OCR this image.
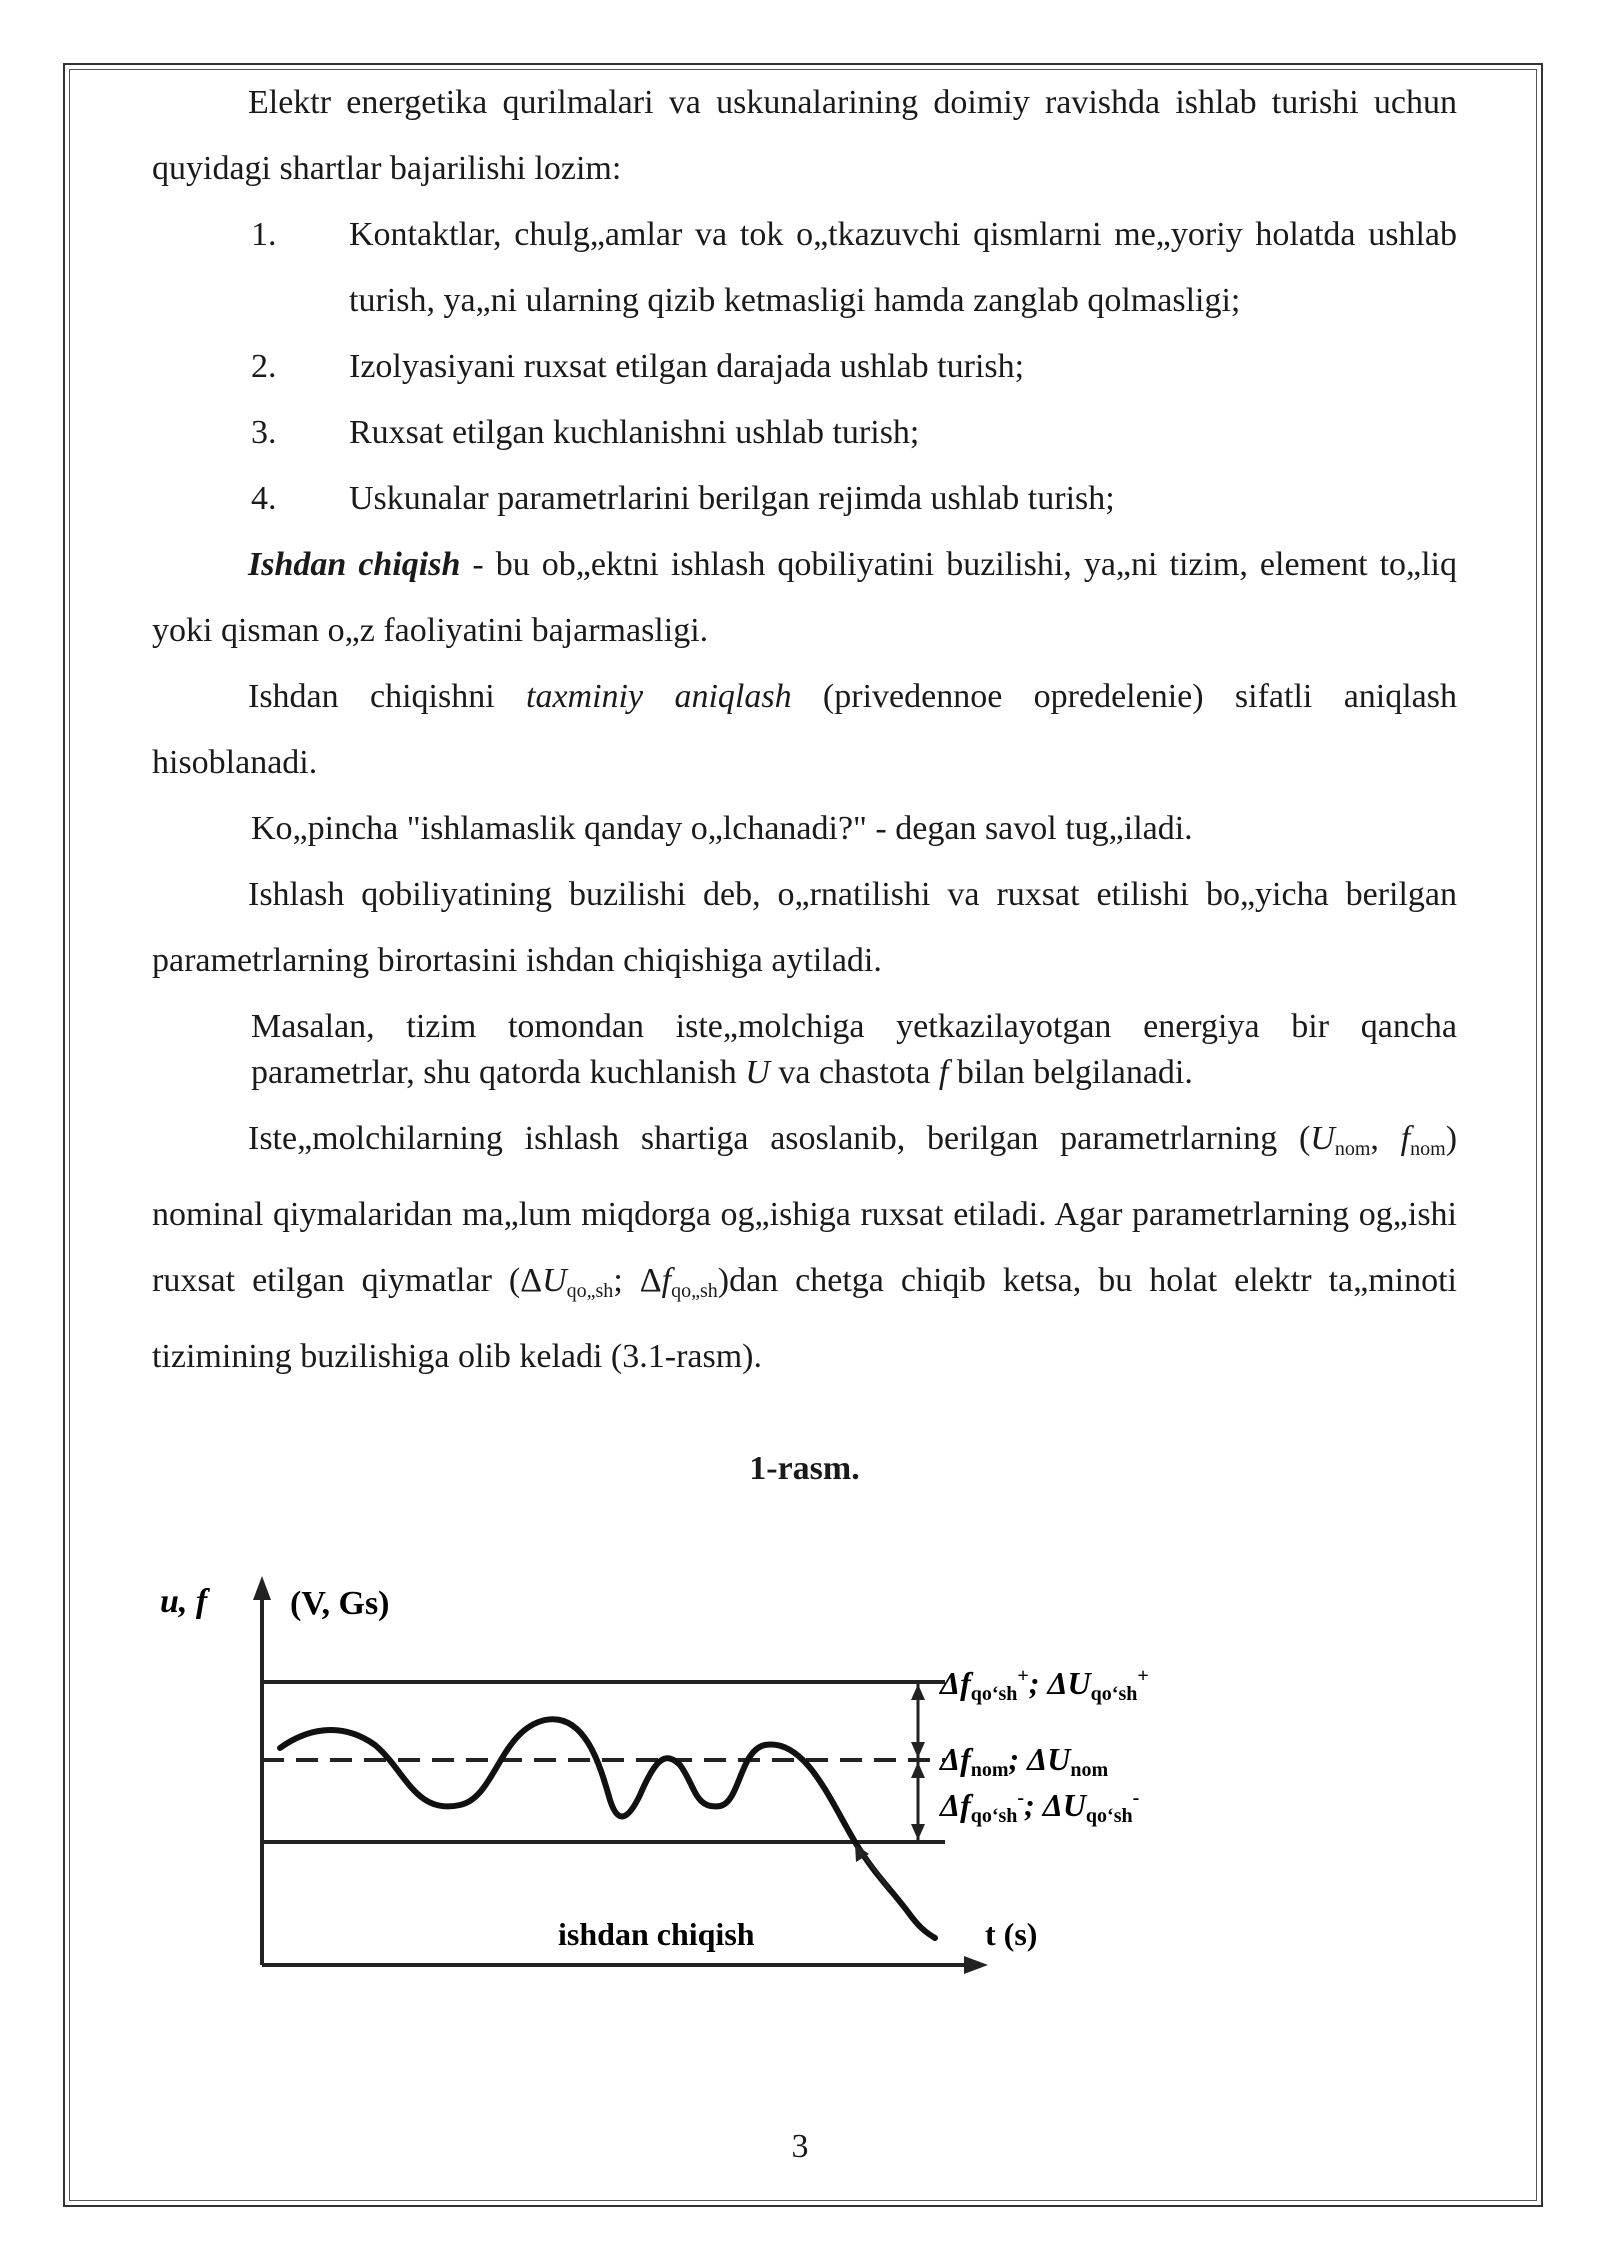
Elektr energetika qurilmalari va uskunalarining doimiy ravishda ishlab turishi uchun quyidagi shartlar bajarilishi lozim:

1.	Kontaktlar, chulg„amlar va tok o„tkazuvchi qismlarni me„yoriy holatda ushlab turish, ya„ni ularning qizib ketmasligi hamda zanglab qolmasligi;
2.	Izolyasiyani ruxsat etilgan darajada ushlab turish;
3.	Ruxsat etilgan kuchlanishni ushlab turish;
4.	Uskunalar parametrlarini berilgan rejimda ushlab turish;

Ishdan chiqish - bu ob„ektni ishlash qobiliyatini buzilishi, ya„ni tizim, element to„liq yoki qisman o„z faoliyatini bajarmasligi.

Ishdan chiqishni taxminiy aniqlash (privedennoe opredelenie) sifatli aniqlash hisoblanadi.

Ko„pincha "ishlamaslik qanday o„lchanadi?" - degan savol tug„iladi.

Ishlash qobiliyatining buzilishi deb, o„rnatilishi va ruxsat etilishi bo„yicha berilgan parametrlarning birortasini ishdan chiqishiga aytiladi.

Masalan, tizim tomondan iste„molchiga yetkazilayotgan energiya bir qancha parametrlar, shu qatorda kuchlanish U va chastota f bilan belgilanadi.

Iste„molchilarning ishlash shartiga asoslanib, berilgan parametrlarning ($U_{nom}$, $f_{nom}$) nominal qiymalaridan ma„lum miqdorga og„ishiga ruxsat etiladi. Agar parametrlarning og„ishi ruxsat etilgan qiymatlar ($\Delta U_{qo„sh}$; $\Delta f_{qo„sh})dan$ chetga chiqib ketsa, bu holat elektr ta„minoti tizimining buzilishiga olib keladi (3.1-rasm).

1-rasm.

u, f (V, Gs)
t (s)
ishdan chiqish
Δfqo‘sh+; ΔUqo‘sh+
Δfnom; ΔUnom
Δfqo‘sh-; ΔUqo‘sh-
3
